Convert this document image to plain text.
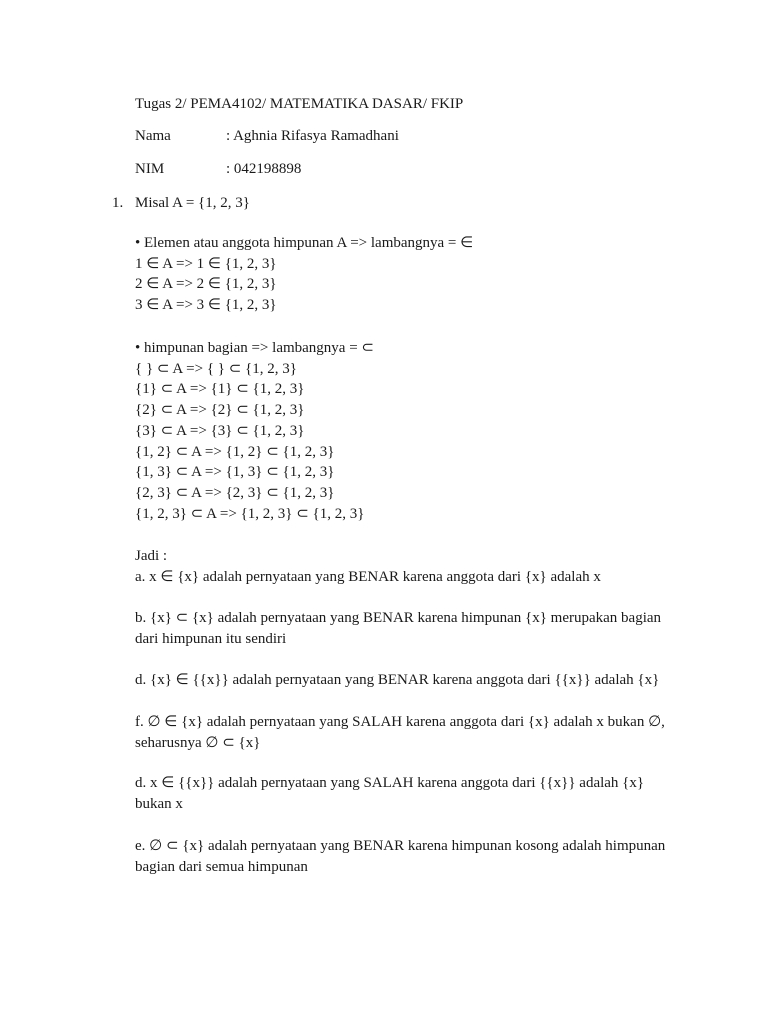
Tugas 2/ PEMA4102/ MATEMATIKA DASAR/ FKIP
Nama	: Aghnia Rifasya Ramadhani
NIM	: 042198898
1. Misal A = {1, 2, 3}
• Elemen atau anggota himpunan A => lambangnya = ∈
1 ∈ A => 1 ∈ {1, 2, 3}
2 ∈ A => 2 ∈ {1, 2, 3}
3 ∈ A => 3 ∈ {1, 2, 3}
• himpunan bagian => lambangnya = ⊂
{ } ⊂ A => { } ⊂ {1, 2, 3}
{1} ⊂ A => {1} ⊂ {1, 2, 3}
{2} ⊂ A => {2} ⊂ {1, 2, 3}
{3} ⊂ A => {3} ⊂ {1, 2, 3}
{1, 2} ⊂ A => {1, 2} ⊂ {1, 2, 3}
{1, 3} ⊂ A => {1, 3} ⊂ {1, 2, 3}
{2, 3} ⊂ A => {2, 3} ⊂ {1, 2, 3}
{1, 2, 3} ⊂ A => {1, 2, 3} ⊂ {1, 2, 3}
Jadi :
a. x ∈ {x} adalah pernyataan yang BENAR karena anggota dari {x} adalah x
b. {x} ⊂ {x} adalah pernyataan yang BENAR karena himpunan {x} merupakan bagian
dari himpunan itu sendiri
d. {x} ∈ {{x}} adalah pernyataan yang BENAR karena anggota dari {{x}} adalah {x}
f. ∅ ∈ {x} adalah pernyataan yang SALAH karena anggota dari {x} adalah x bukan ∅,
seharusnya ∅ ⊂ {x}
d. x ∈ {{x}} adalah pernyataan yang SALAH karena anggota dari {{x}} adalah {x}
bukan x
e. ∅ ⊂ {x} adalah pernyataan yang BENAR karena himpunan kosong adalah himpunan
bagian dari semua himpunan
